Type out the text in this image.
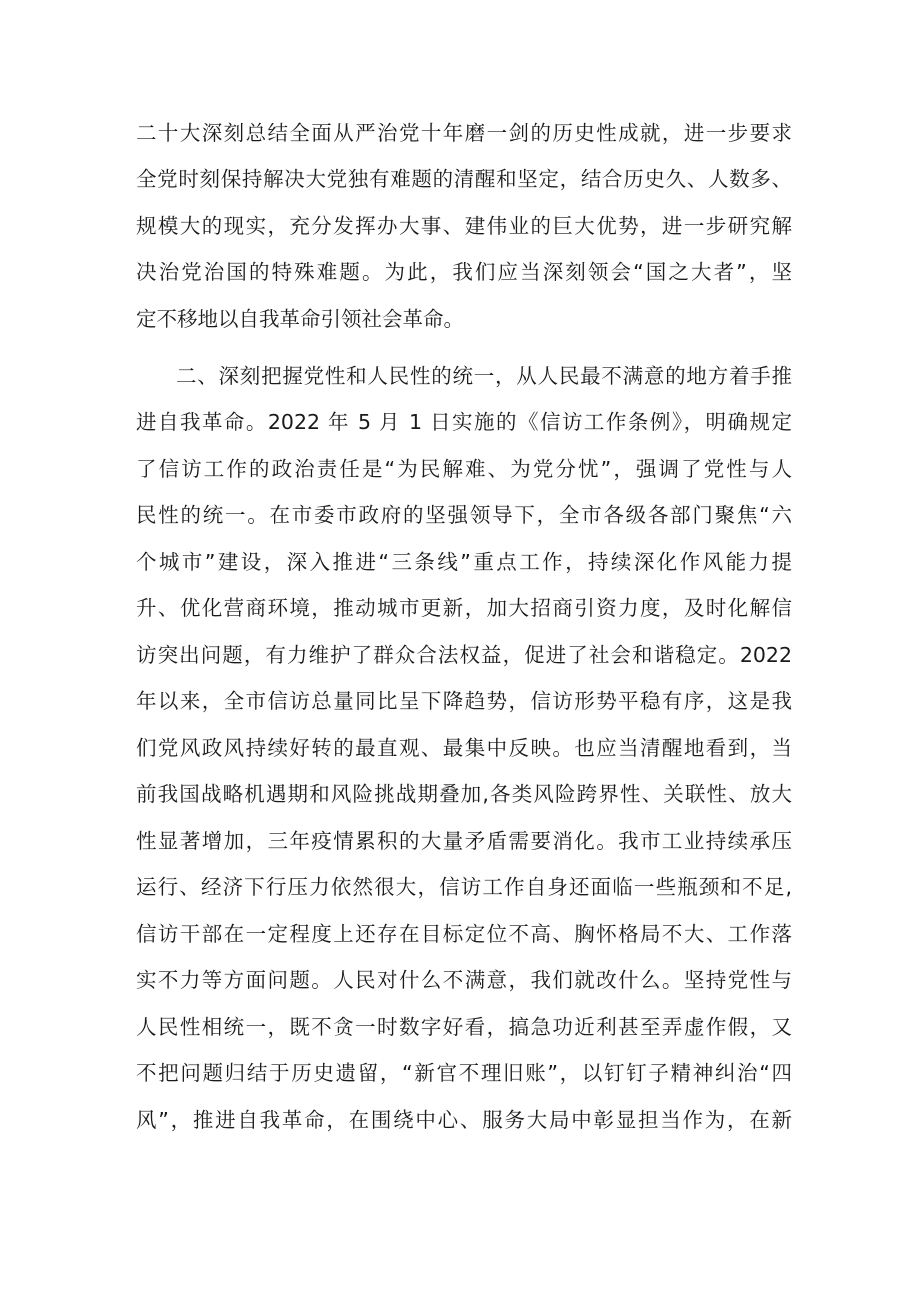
二十大深刻总结全面从严治党十年磨一剑的历史性成就，进一步要求
全党时刻保持解决大党独有难题的清醒和坚定，结合历史久、人数多、
规模大的现实，充分发挥办大事、建伟业的巨大优势，进一步研究解
决治党治国的特殊难题。为此，我们应当深刻领会“国之大者”，坚
定不移地以自我革命引领社会革命。
二、深刻把握党性和人民性的统一，从人民最不满意的地方着手推
进自我革命。2022 年 5 月 1 日实施的《信访工作条例》，明确规定
了信访工作的政治责任是“为民解难、为党分忧”，强调了党性与人
民性的统一。在市委市政府的坚强领导下，全市各级各部门聚焦“六
个城市”建设，深入推进“三条线”重点工作，持续深化作风能力提
升、优化营商环境，推动城市更新，加大招商引资力度，及时化解信
访突出问题，有力维护了群众合法权益，促进了社会和谐稳定。2022
年以来，全市信访总量同比呈下降趋势，信访形势平稳有序，这是我
们党风政风持续好转的最直观、最集中反映。也应当清醒地看到，当
前我国战略机遇期和风险挑战期叠加,各类风险跨界性、关联性、放大
性显著增加，三年疫情累积的大量矛盾需要消化。我市工业持续承压
运行、经济下行压力依然很大，信访工作自身还面临一些瓶颈和不足,
信访干部在一定程度上还存在目标定位不高、胸怀格局不大、工作落
实不力等方面问题。人民对什么不满意，我们就改什么。坚持党性与
人民性相统一，既不贪一时数字好看，搞急功近利甚至弄虚作假，又
不把问题归结于历史遗留，“新官不理旧账”，以钉钉子精神纠治“四
风”，推进自我革命，在围绕中心、服务大局中彰显担当作为，在新
